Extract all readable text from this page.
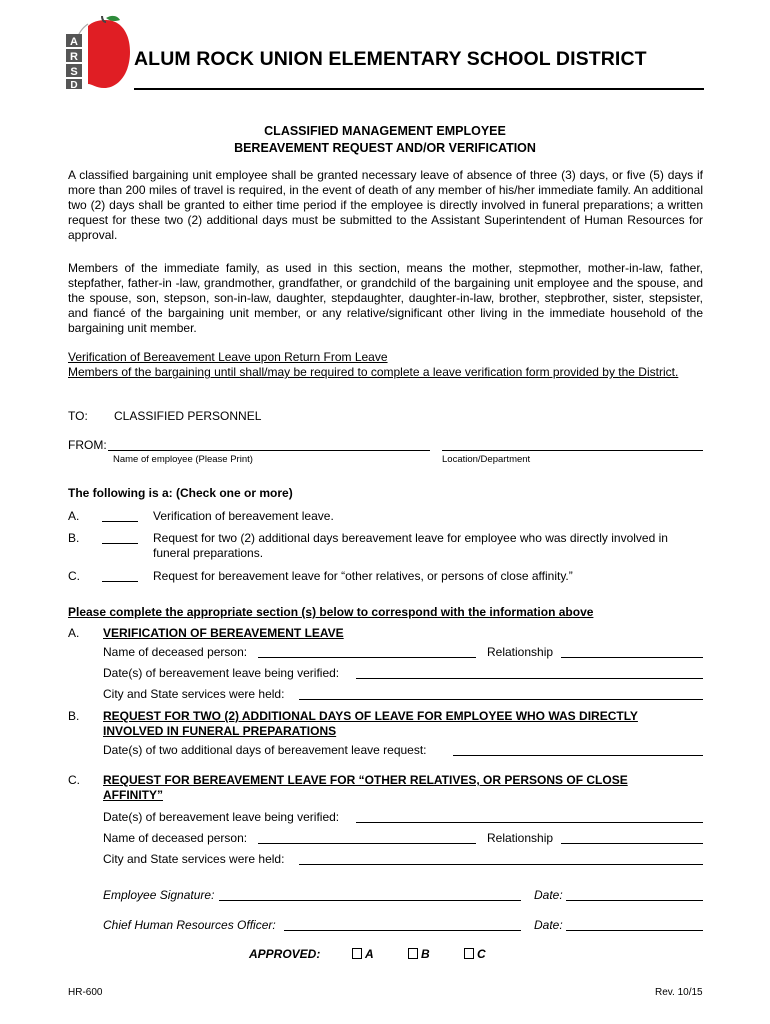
A
R
S
D
ALUM ROCK UNION ELEMENTARY SCHOOL DISTRICT
CLASSIFIED MANAGEMENT EMPLOYEE
BEREAVEMENT REQUEST AND/OR VERIFICATION
A classified bargaining unit employee shall be granted necessary leave of absence of three (3) days, or five (5) days if more than 200 miles of travel is required, in the event of death of any member of his/her immediate family. An additional two (2) days shall be granted to either time period if the employee is directly involved in funeral preparations; a written request for these two (2) additional days must be submitted to the Assistant Superintendent of Human Resources for approval.
Members of the immediate family, as used in this section, means the mother, stepmother, mother-in-law, father, stepfather, father-in -law, grandmother, grandfather, or grandchild of the bargaining unit employee and the spouse, and the spouse, son, stepson, son-in-law, daughter, stepdaughter, daughter-in-law, brother, stepbrother, sister, stepsister, and fiancé of the bargaining unit member, or any relative/significant other living in the immediate household of the bargaining unit member.
Verification of Bereavement Leave upon Return From Leave
Members of the bargaining until shall/may be required to complete a leave verification form provided by the District.
TO: CLASSIFIED PERSONNEL
FROM:
Name of employee (Please Print)	Location/Department
The following is a: (Check one or more)
A.	Verification of bereavement leave.
B.	Request for two (2) additional days bereavement leave for employee who was directly involved in
funeral preparations.
C.	Request for bereavement leave for “other relatives, or persons of close affinity.”
Please complete the appropriate section (s) below to correspond with the information above
A. VERIFICATION OF BEREAVEMENT LEAVE
Name of deceased person:	Relationship
Date(s) of bereavement leave being verified:
City and State services were held:
B. REQUEST FOR TWO (2) ADDITIONAL DAYS OF LEAVE FOR EMPLOYEE WHO WAS DIRECTLY
INVOLVED IN FUNERAL PREPARATIONS
Date(s) of two additional days of bereavement leave request:
C. REQUEST FOR BEREAVEMENT LEAVE FOR “OTHER RELATIVES, OR PERSONS OF CLOSE
AFFINITY”
Date(s) of bereavement leave being verified:
Name of deceased person:	Relationship
City and State services were held:
Employee Signature:	Date:
Chief Human Resources Officer:	Date:
APPROVED:	A	B	C
HR-600	Rev. 10/15
